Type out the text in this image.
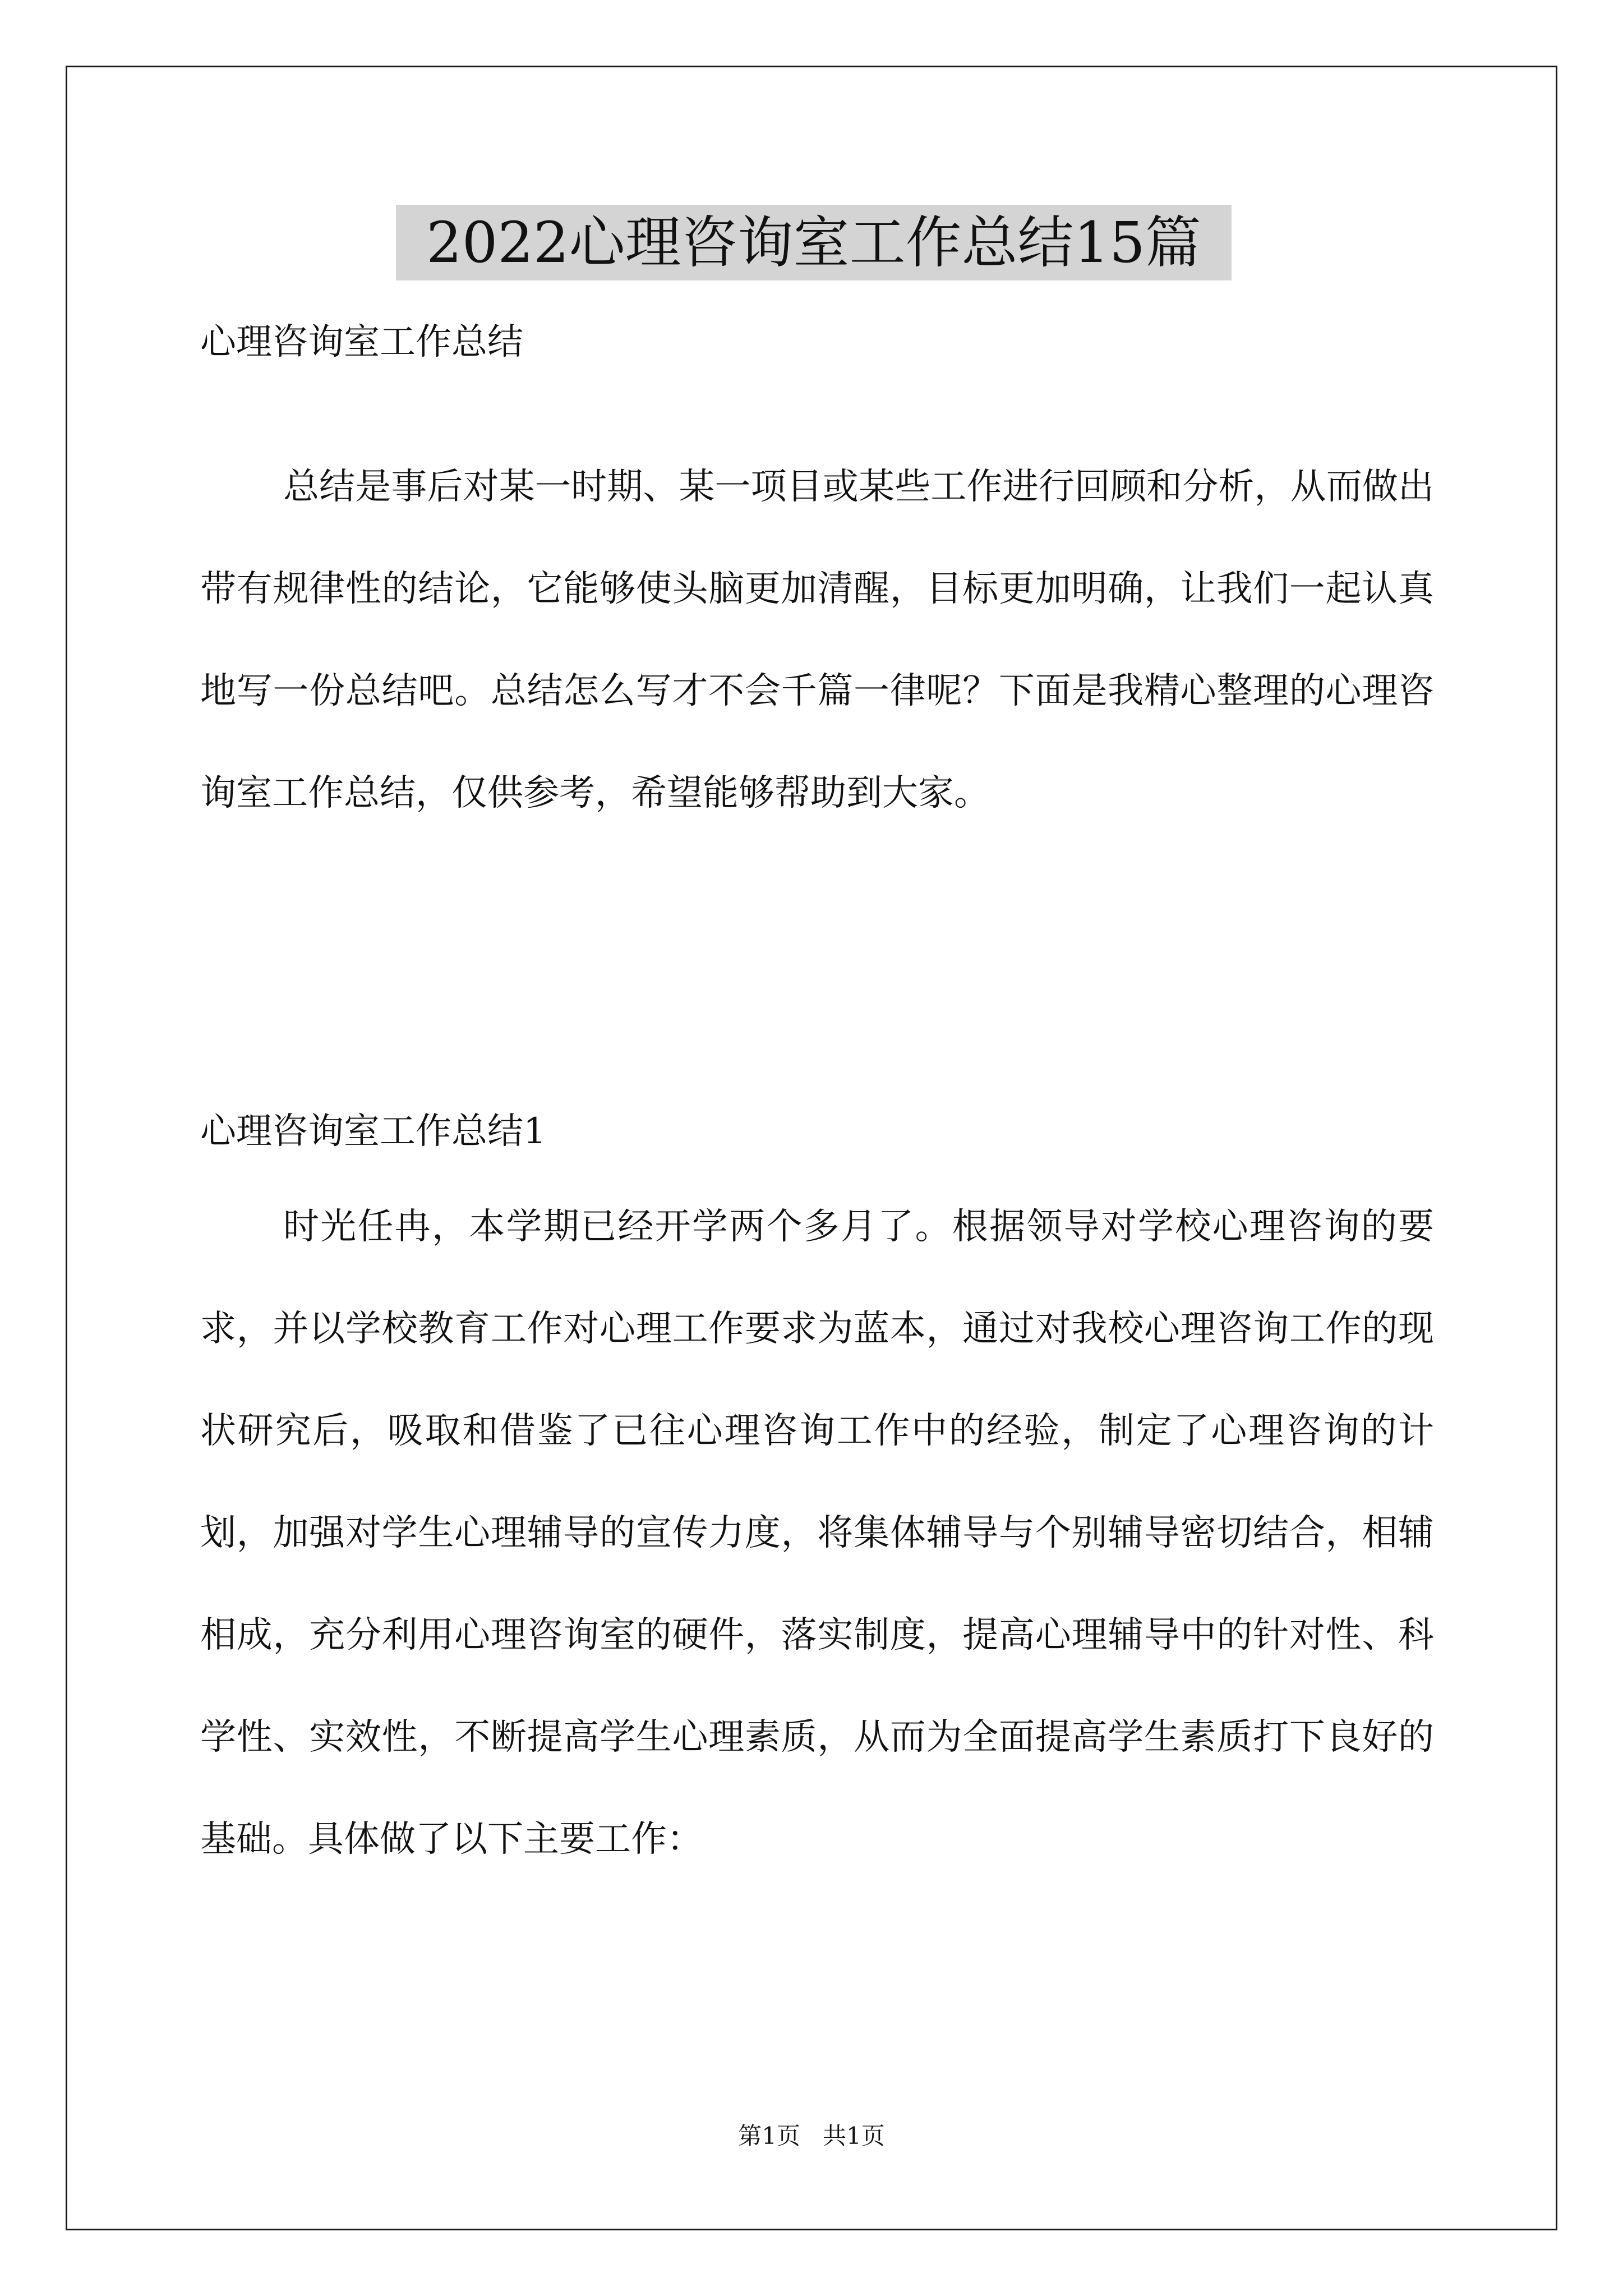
2022心理咨询室工作总结15篇

心理咨询室工作总结

总结是事后对某一时期、某一项目或某些工作进行回顾和分析，从而做出带有规律性的结论，它能够使头脑更加清醒，目标更加明确，让我们一起认真地写一份总结吧。总结怎么写才不会千篇一律呢？下面是我精心整理的心理咨询室工作总结，仅供参考，希望能够帮助到大家。

心理咨询室工作总结1

时光任冉，本学期已经开学两个多月了。根据领导对学校心理咨询的要求，并以学校教育工作对心理工作要求为蓝本，通过对我校心理咨询工作的现状研究后，吸取和借鉴了已往心理咨询工作中的经验，制定了心理咨询的计划，加强对学生心理辅导的宣传力度，将集体辅导与个别辅导密切结合，相辅相成，充分利用心理咨询室的硬件，落实制度，提高心理辅导中的针对性、科学性、实效性，不断提高学生心理素质，从而为全面提高学生素质打下良好的基础。具体做了以下主要工作：

第1页   共1页
